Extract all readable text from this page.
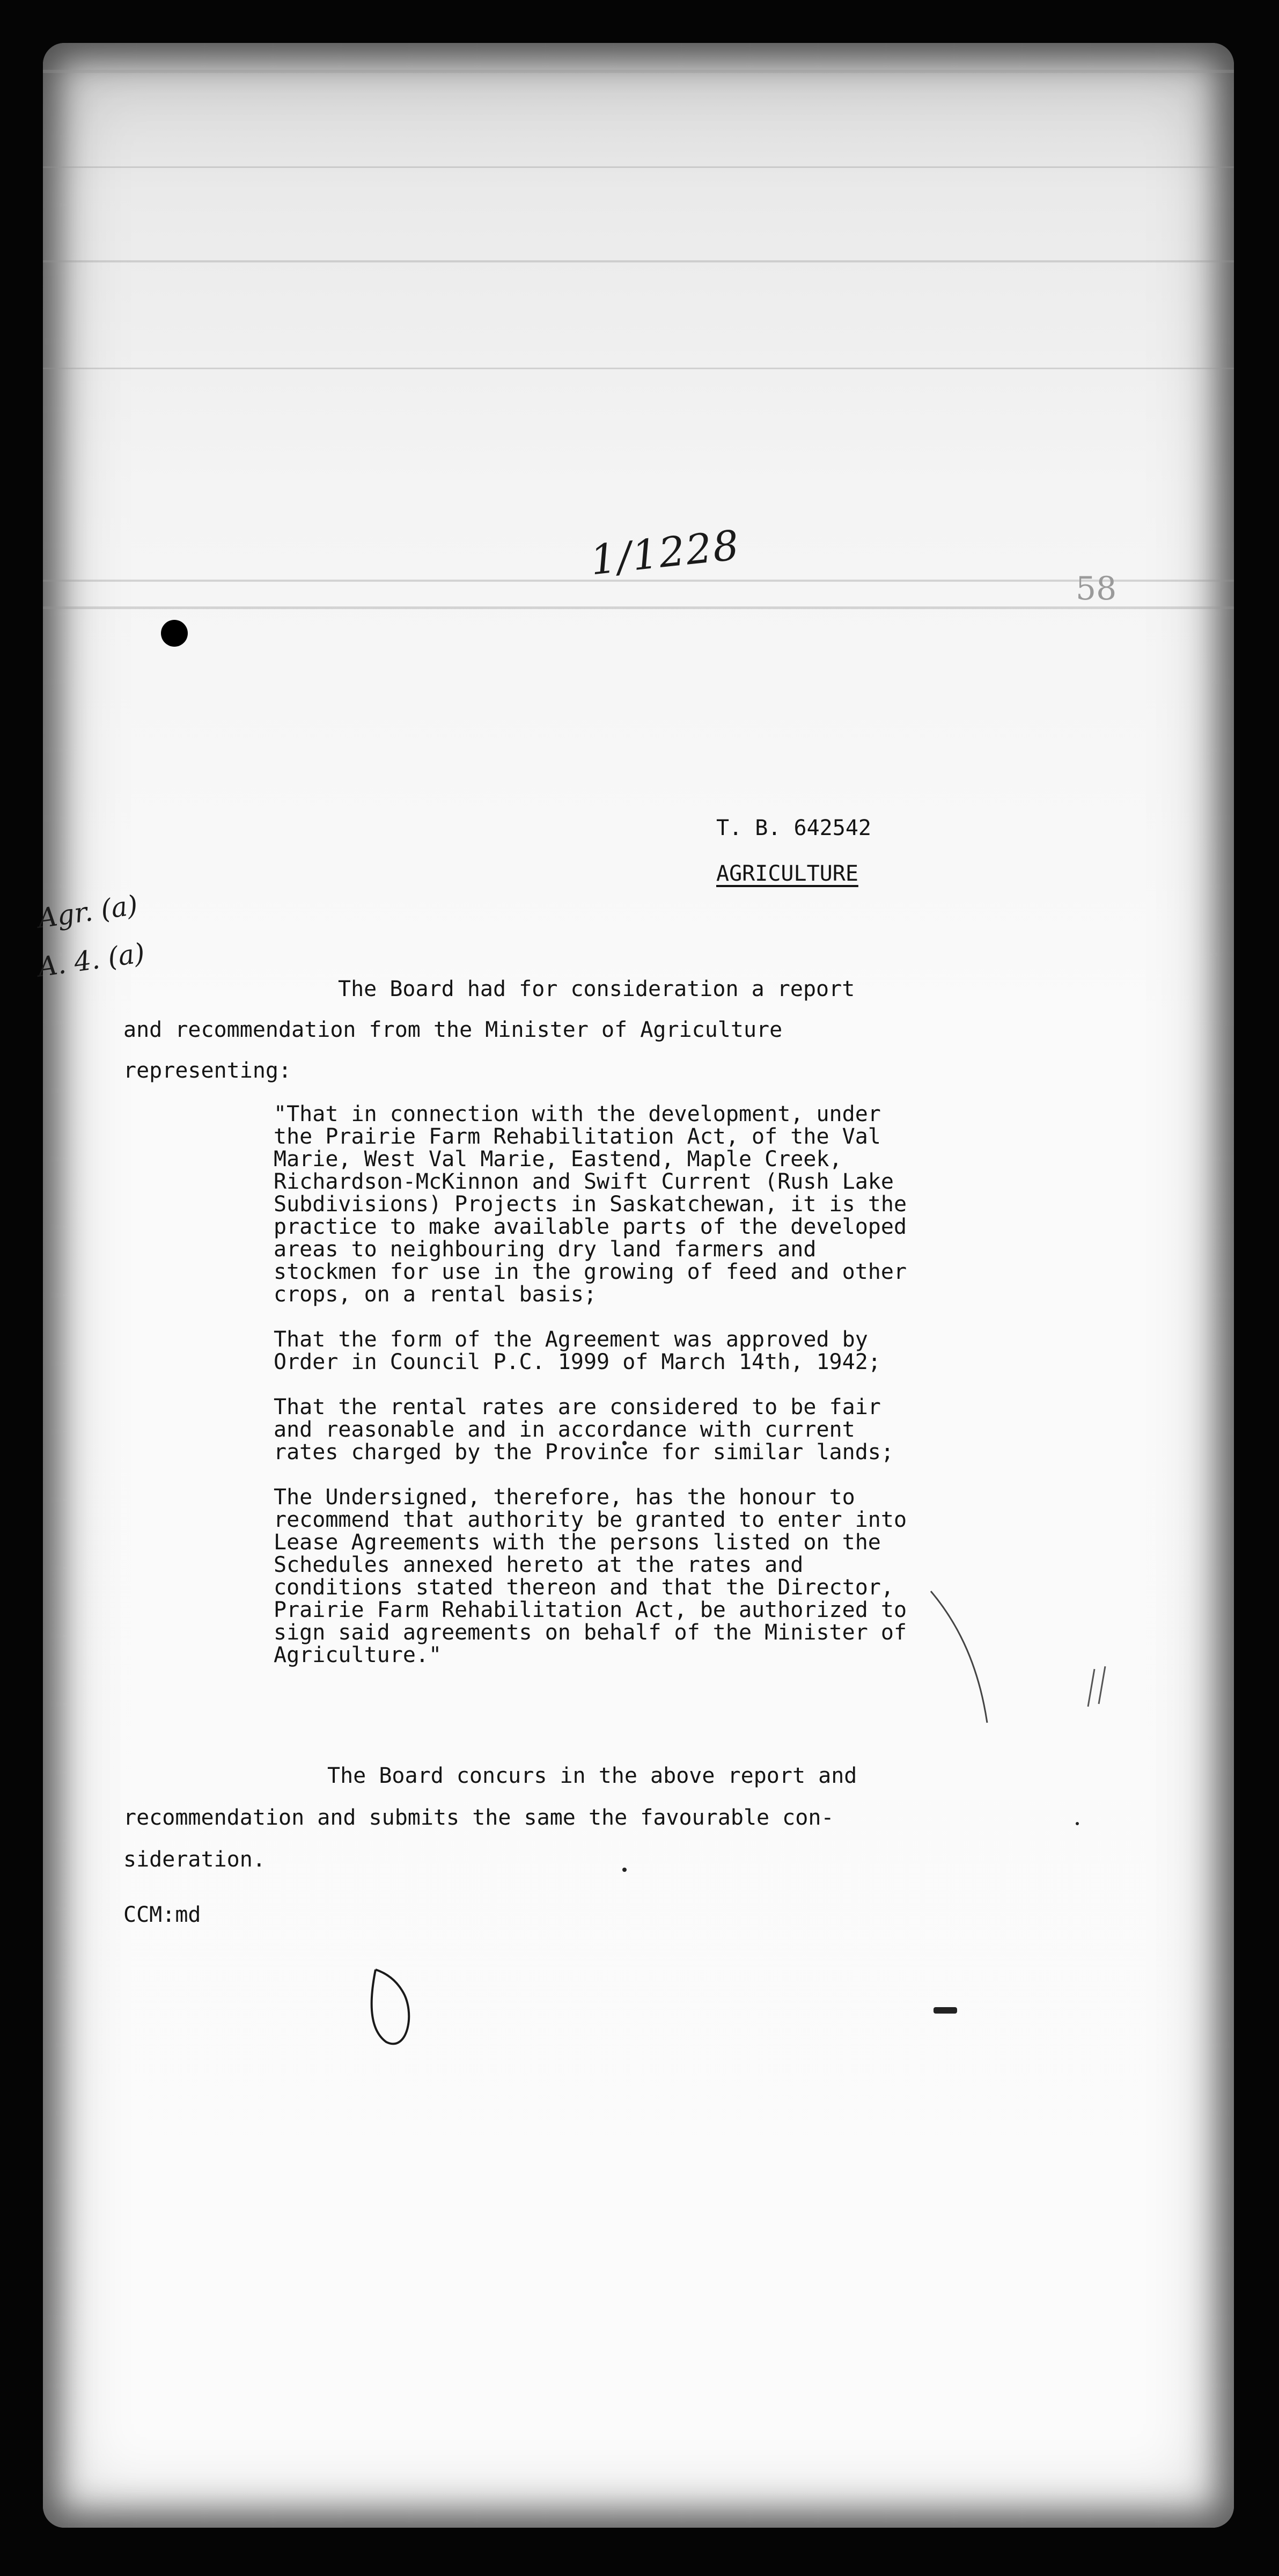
1/1228
58
Agr. (a)
A. 4. (a)
T. B. 642542
AGRICULTURE
The Board had for consideration a report
and recommendation from the Minister of Agriculture
representing:

"That in connection with the development, under the Prairie Farm Rehabilitation Act, of the Val Marie, West Val Marie, Eastend, Maple Creek, Richardson-McKinnon and Swift Current (Rush Lake Subdivisions) Projects in Saskatchewan, it is the practice to make available parts of the developed areas to neighbouring dry land farmers and stockmen for use in the growing of feed and other crops, on a rental basis;

That the form of the Agreement was approved by Order in Council P.C. 1999 of March 14th, 1942;

That the rental rates are considered to be fair and reasonable and in accordance with current rates charged by the Province for similar lands;

The Undersigned, therefore, has the honour to recommend that authority be granted to enter into Lease Agreements with the persons listed on the Schedules annexed hereto at the rates and conditions stated thereon and that the Director, Prairie Farm Rehabilitation Act, be authorized to sign said agreements on behalf of the Minister of Agriculture."

The Board concurs in the above report and
recommendation and submits the same the favourable con-
sideration.
CCM:md
